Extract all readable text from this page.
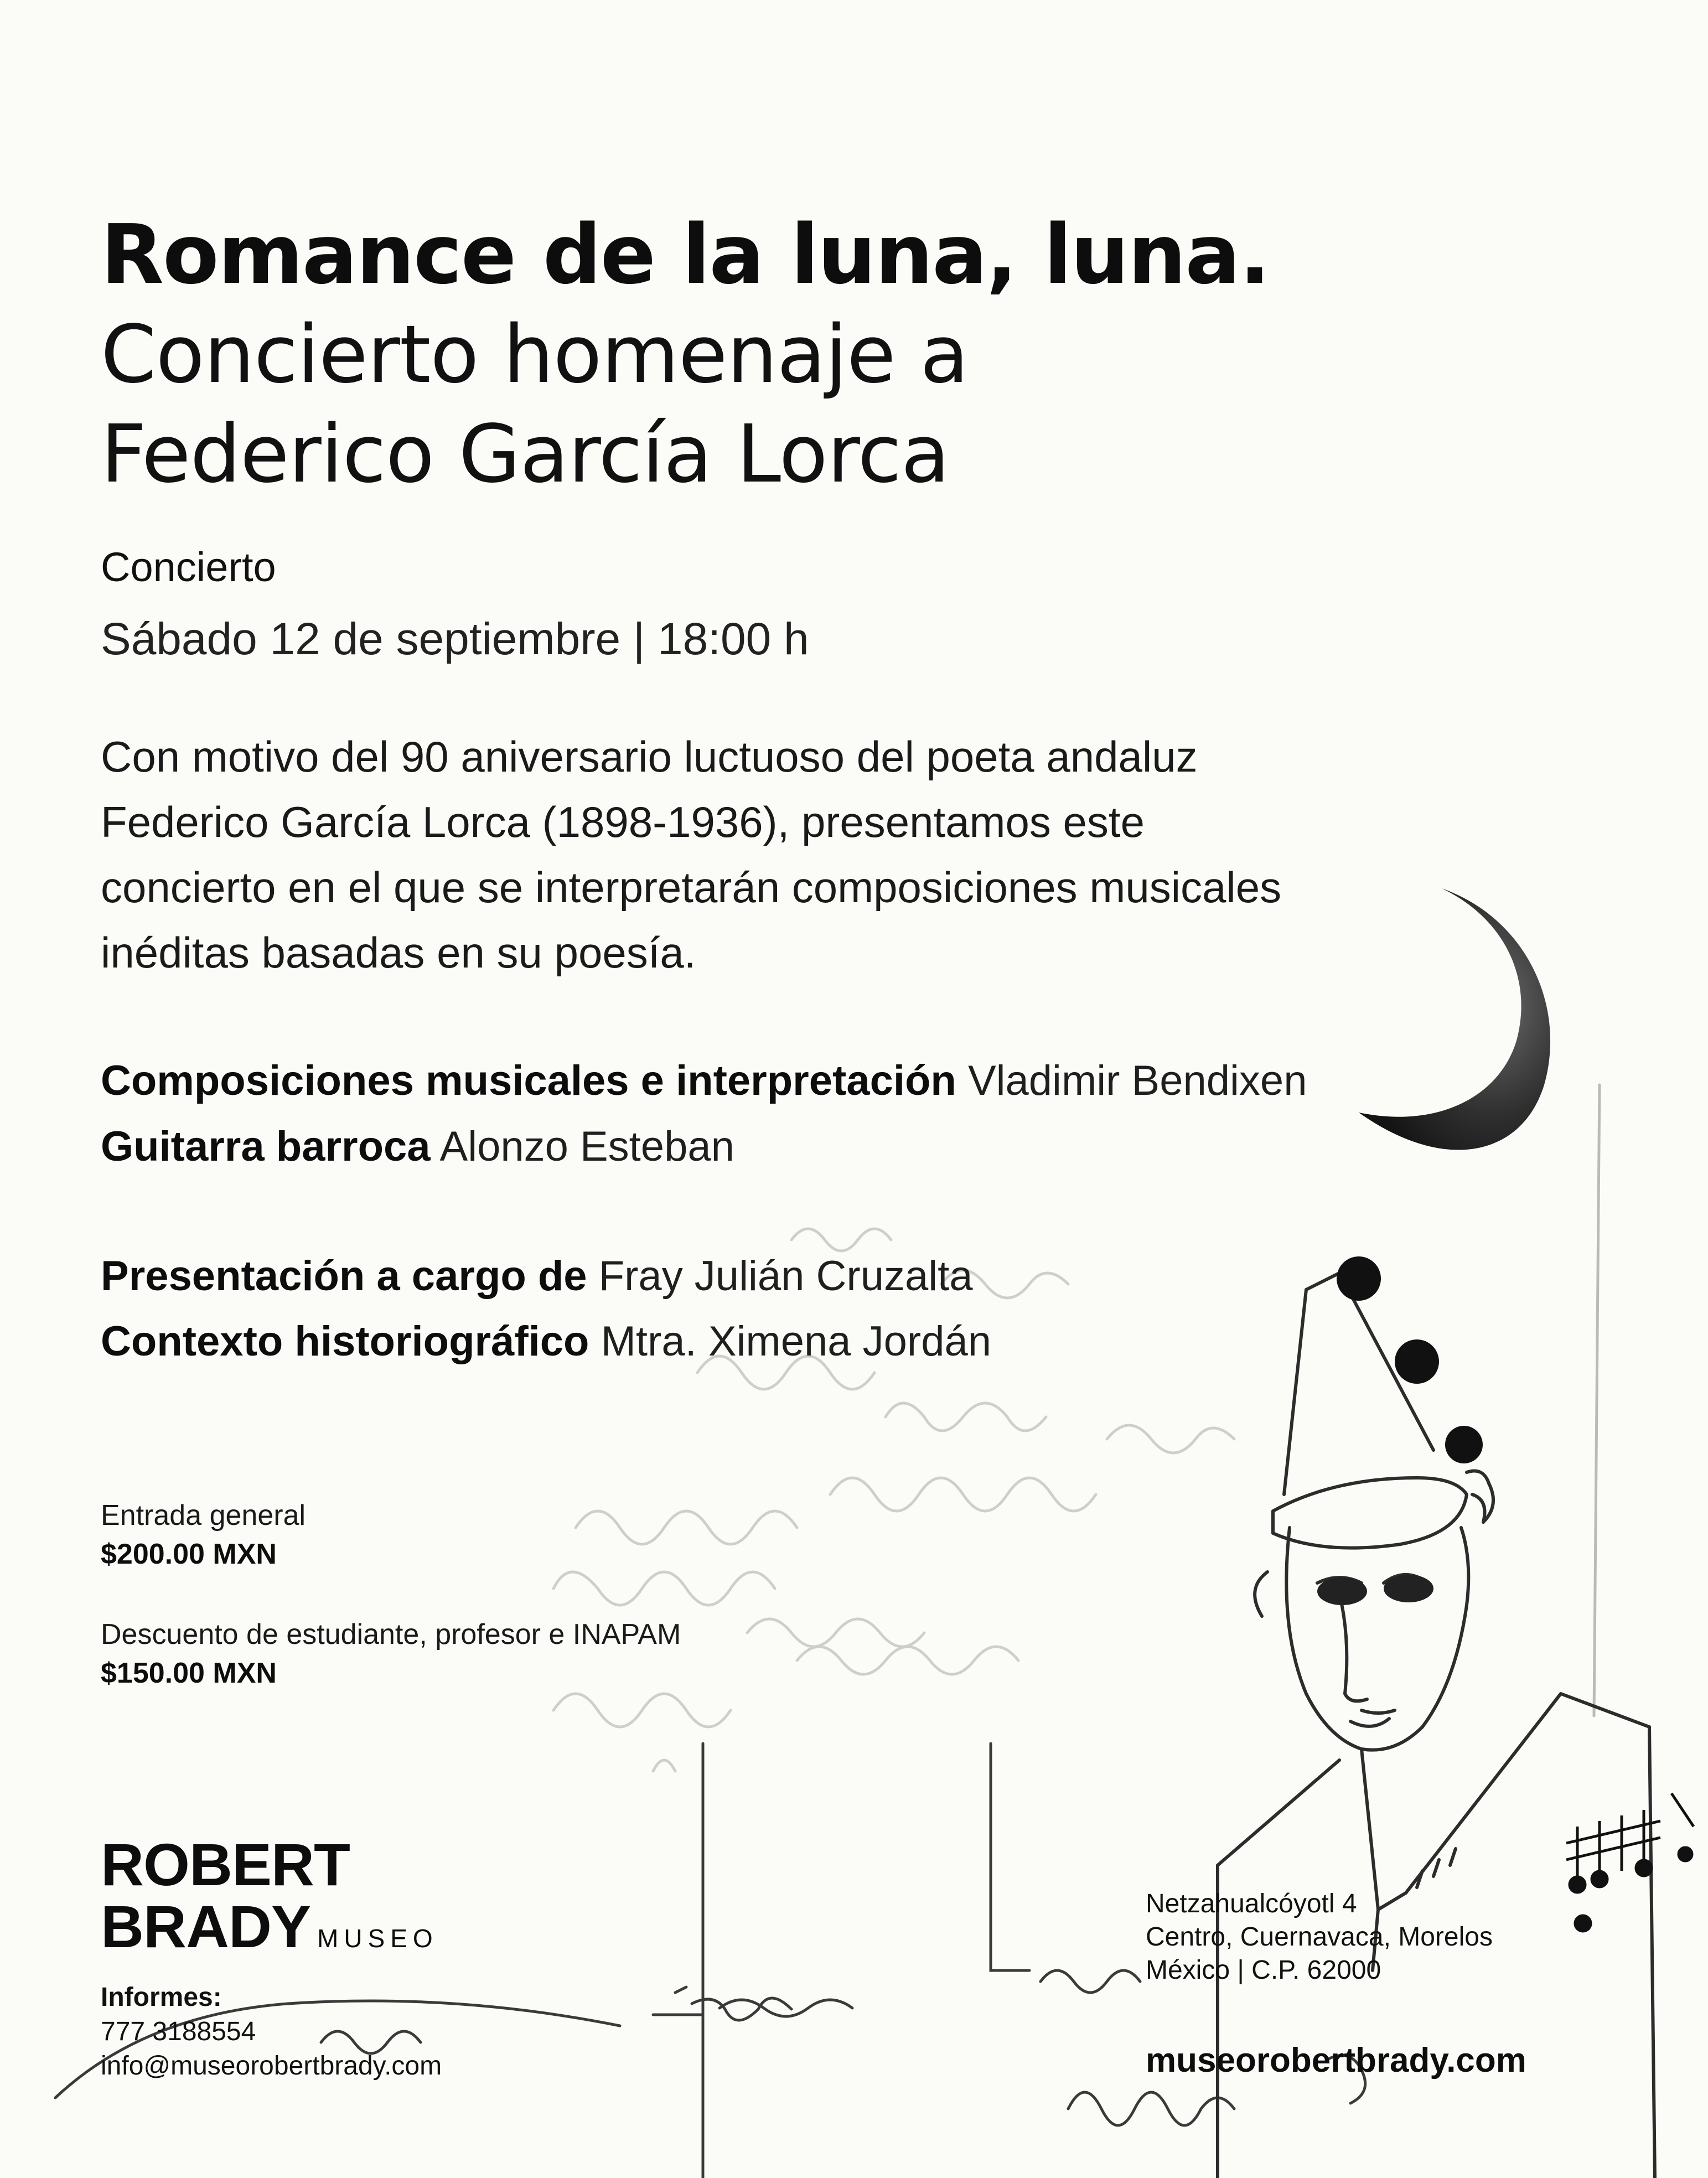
Romance de la luna, luna.
Concierto homenaje a
Federico García Lorca
Concierto
Sábado 12 de septiembre | 18:00 h
Con motivo del 90 aniversario luctuoso del poeta andaluz
Federico García Lorca (1898-1936), presentamos este
concierto en el que se interpretarán composiciones musicales
inéditas basadas en su poesía.
Composiciones musicales e interpretación Vladimir Bendixen
Guitarra barroca Alonzo Esteban
Presentación a cargo de Fray Julián Cruzalta
Contexto historiográfico Mtra. Ximena Jordán
Entrada general
$200.00 MXN
Descuento de estudiante, profesor e INAPAM
$150.00 MXN
ROBERT
BRADY MUSEO
Informes:
777 3188554
info@museorobertbrady.com
Netzahualcóyotl 4
Centro, Cuernavaca, Morelos
México | C.P. 62000
museorobertbrady.com
